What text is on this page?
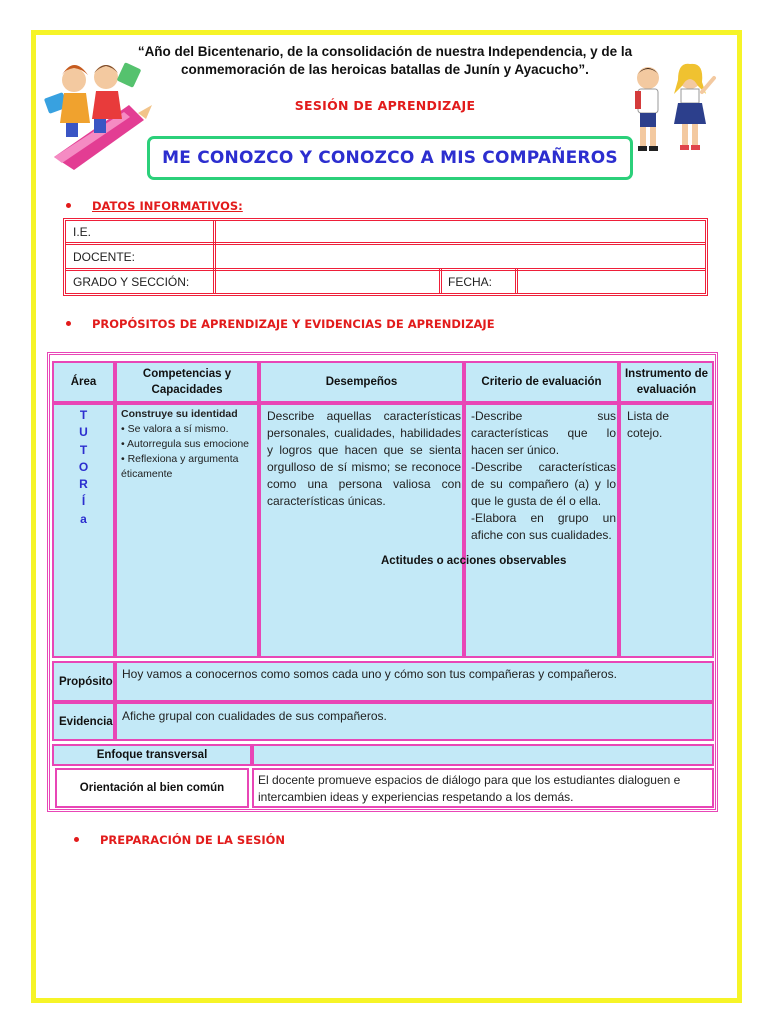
“Año del Bicentenario, de la consolidación de nuestra Independencia, y de la
conmemoración de las heroicas batallas de Junín y Ayacucho”.
SESIÓN DE APRENDIZAJE
ME CONOZCO Y CONOZCO A MIS COMPAÑEROS
DATOS INFORMATIVOS:
I.E.
DOCENTE:
GRADO Y SECCIÓN:	FECHA:
PROPÓSITOS DE APRENDIZAJE Y EVIDENCIAS DE APRENDIZAJE
Área
Competencias y Capacidades
Desempeños	Criterio de evaluación
Instrumento de evaluación
T
U
T
O
R
Í
a
Construye su identidad
• Se valora a sí mismo.
• Autorregula sus emocione
• Reflexiona y argumenta éticamente
Describe aquellas características personales, cualidades, habilidades y logros que hacen que se sienta orgulloso de sí mismo; se reconoce como una persona valiosa con características únicas.
-Describe sus características que lo hacen ser único.
-Describe características de su compañero (a) y lo que le gusta de él o ella.
-Elabora en grupo un afiche con sus cualidades.
Lista de cotejo.
Actitudes o acciones observables
Propósito
Hoy vamos a conocernos como somos cada uno y cómo son tus compañeras y compañeros.
Evidencia Afiche grupal con cualidades de sus compañeros.
Enfoque transversal
Orientación al bien común
El docente promueve espacios de diálogo para que los estudiantes dialoguen e intercambien ideas y experiencias respetando a los demás.
PREPARACIÓN DE LA SESIÓN
